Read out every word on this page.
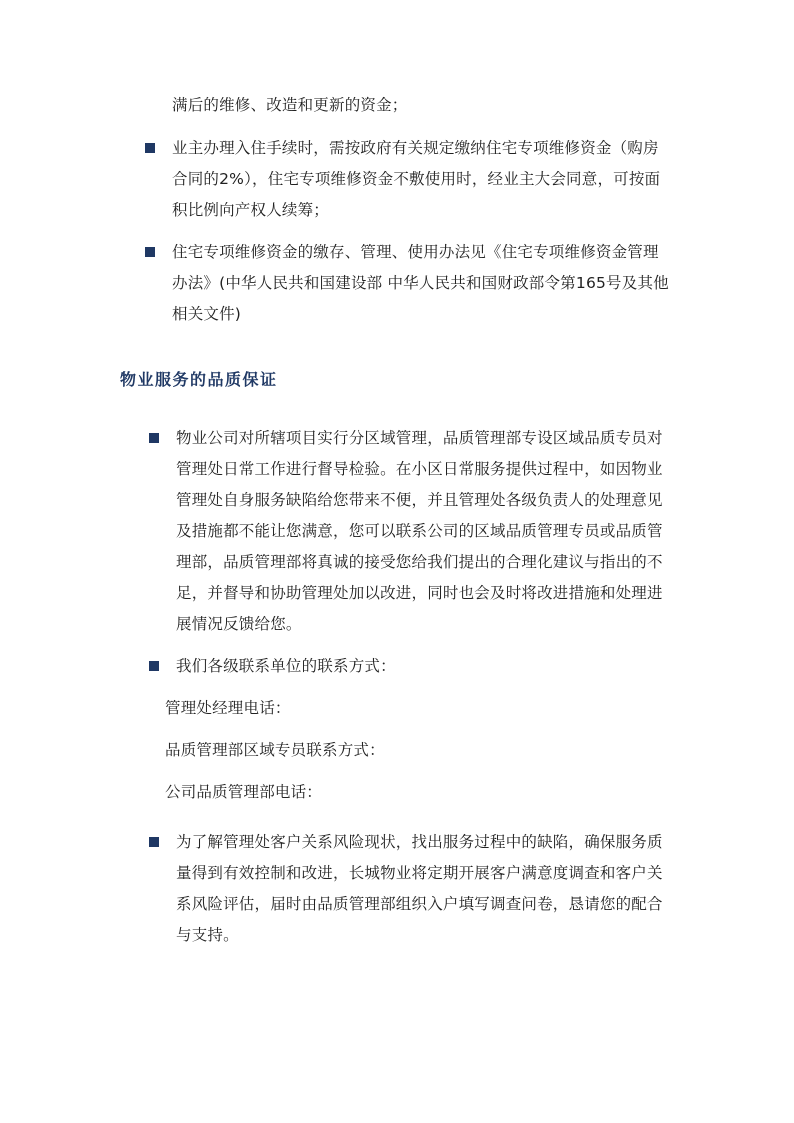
满后的维修、改造和更新的资金；
业主办理入住手续时，需按政府有关规定缴纳住宅专项维修资金（购房
合同的2%），住宅专项维修资金不敷使用时，经业主大会同意，可按面
积比例向产权人续筹；
住宅专项维修资金的缴存、管理、使用办法见《住宅专项维修资金管理
办法》(中华人民共和国建设部 中华人民共和国财政部令第165号及其他
相关文件)
物业服务的品质保证
物业公司对所辖项目实行分区域管理，品质管理部专设区域品质专员对
管理处日常工作进行督导检验。在小区日常服务提供过程中，如因物业
管理处自身服务缺陷给您带来不便，并且管理处各级负责人的处理意见
及措施都不能让您满意，您可以联系公司的区域品质管理专员或品质管
理部，品质管理部将真诚的接受您给我们提出的合理化建议与指出的不
足，并督导和协助管理处加以改进，同时也会及时将改进措施和处理进
展情况反馈给您。
我们各级联系单位的联系方式：
管理处经理电话：
品质管理部区域专员联系方式：
公司品质管理部电话：
为了解管理处客户关系风险现状，找出服务过程中的缺陷，确保服务质
量得到有效控制和改进，长城物业将定期开展客户满意度调查和客户关
系风险评估，届时由品质管理部组织入户填写调查问卷，恳请您的配合
与支持。
